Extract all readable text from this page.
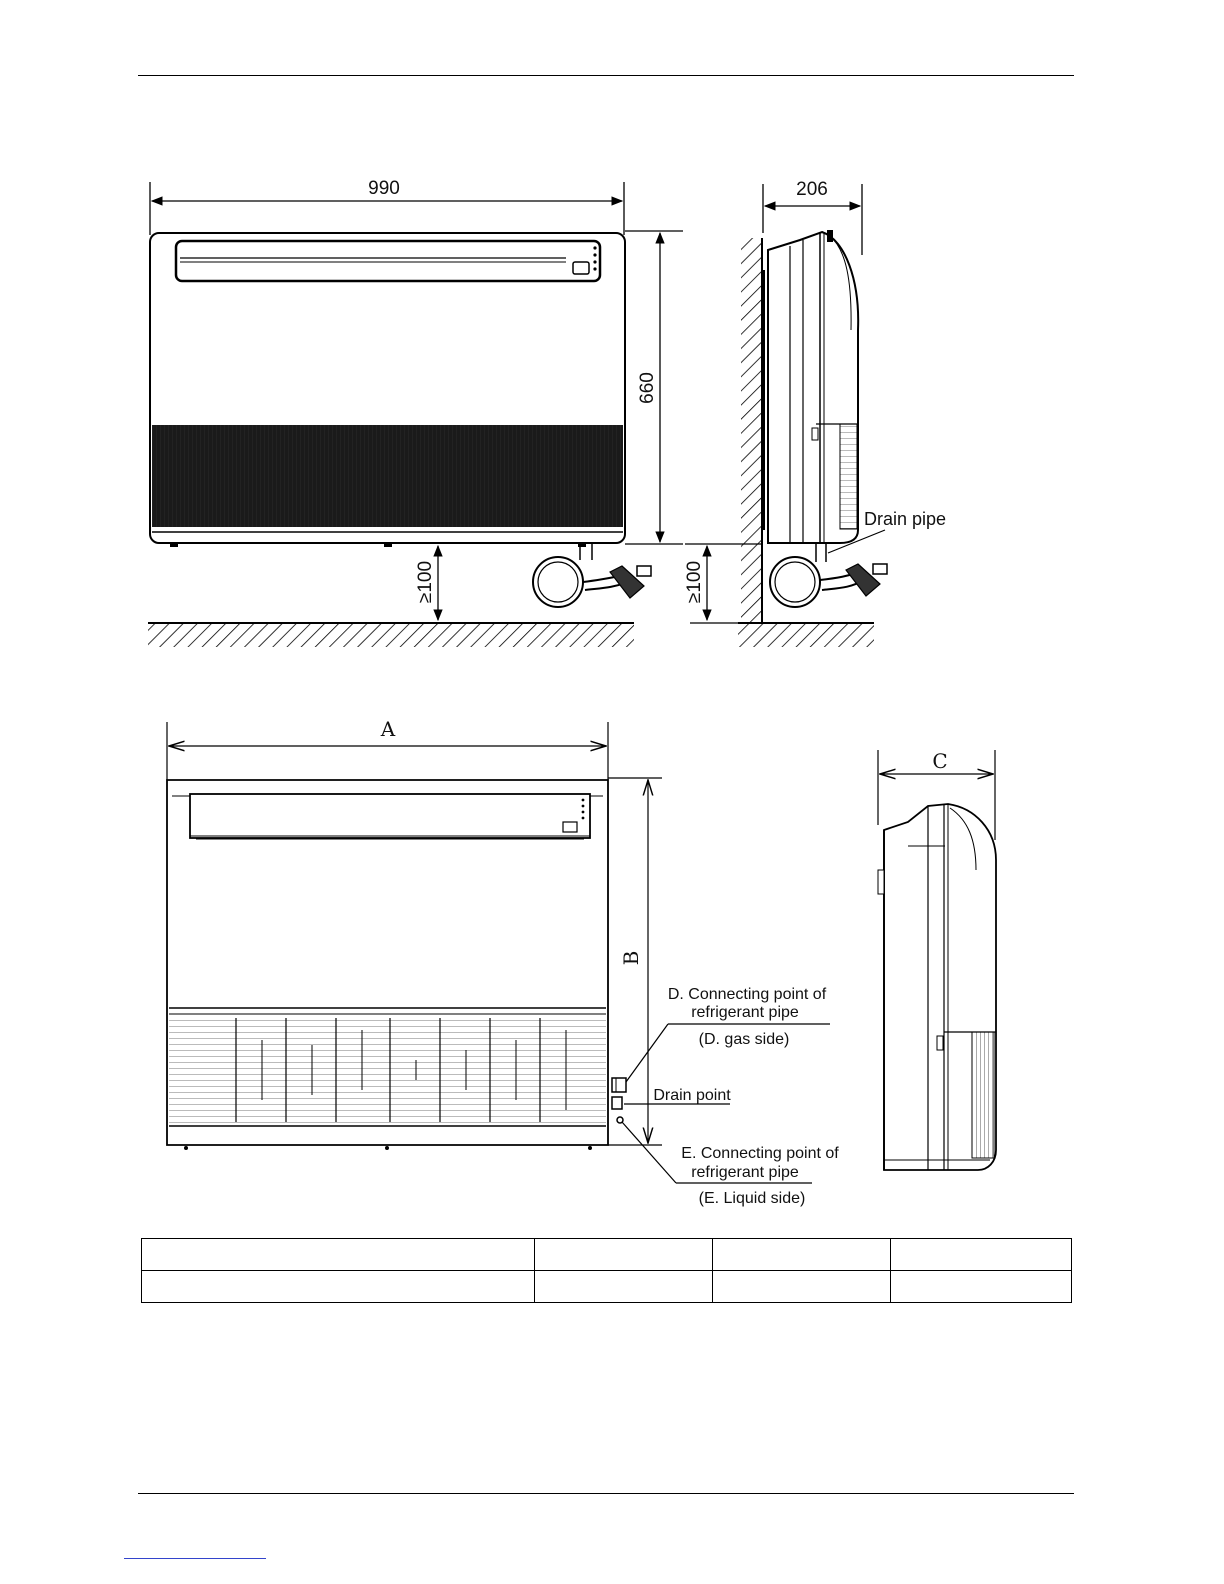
990
660
≥100
206
≥100
Drain pipe
A
B
D. Connecting point of
refrigerant pipe
(D. gas side)
Drain point
E. Connecting point of
refrigerant pipe
(E. Liquid side)
C
